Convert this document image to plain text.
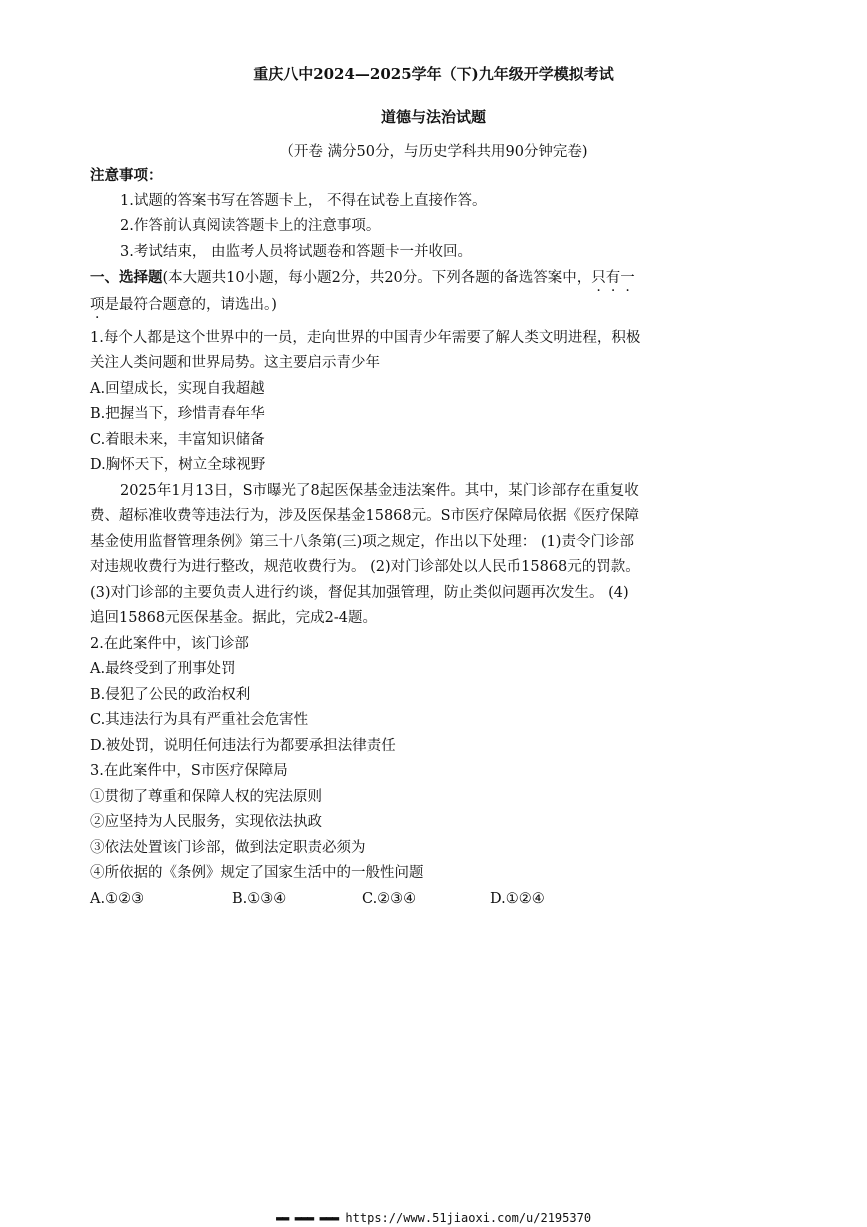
重庆八中2024—2025学年（下)九年级开学模拟考试
道德与法治试题
（开卷 满分50分，与历史学科共用90分钟完卷)
注意事项：
1.试题的答案书写在答题卡上， 不得在试卷上直接作答。
2.作答前认真阅读答题卡上的注意事项。
3.考试结束， 由监考人员将试题卷和答题卡一并收回。
一、选择题(本大题共10小题，每小题2分，共20分。下列各题的备选答案中，只有一
项是最符合题意的，请选出。)
1.每个人都是这个世界中的一员，走向世界的中国青少年需要了解人类文明进程，积极
关注人类问题和世界局势。这主要启示青少年
A.回望成长，实现自我超越
B.把握当下，珍惜青春年华
C.着眼未来，丰富知识储备
D.胸怀天下，树立全球视野
2025年1月13日，S市曝光了8起医保基金违法案件。其中，某门诊部存在重复收
费、超标准收费等违法行为，涉及医保基金15868元。S市医疗保障局依据《医疗保障
基金使用监督管理条例》第三十八条第(三)项之规定，作出以下处理： (1)责令门诊部
对违规收费行为进行整改，规范收费行为。 (2)对门诊部处以人民币15868元的罚款。
(3)对门诊部的主要负责人进行约谈，督促其加强管理，防止类似问题再次发生。 (4)
追回15868元医保基金。据此，完成2-4题。
2.在此案件中，该门诊部
A.最终受到了刑事处罚
B.侵犯了公民的政治权利
C.其违法行为具有严重社会危害性
D.被处罚，说明任何违法行为都要承担法律责任
3.在此案件中，S市医疗保障局
①贯彻了尊重和保障人权的宪法原则
②应坚持为人民服务，实现依法执政
③依法处置该门诊部，做到法定职责必须为
④所依据的《条例》规定了国家生活中的一般性问题
A.①②③	B.①③④	C.②③④	D.①②④
▬▬ ▬▬▬ ▬▬▬ https://www.51jiaoxi.com/u/2195370
